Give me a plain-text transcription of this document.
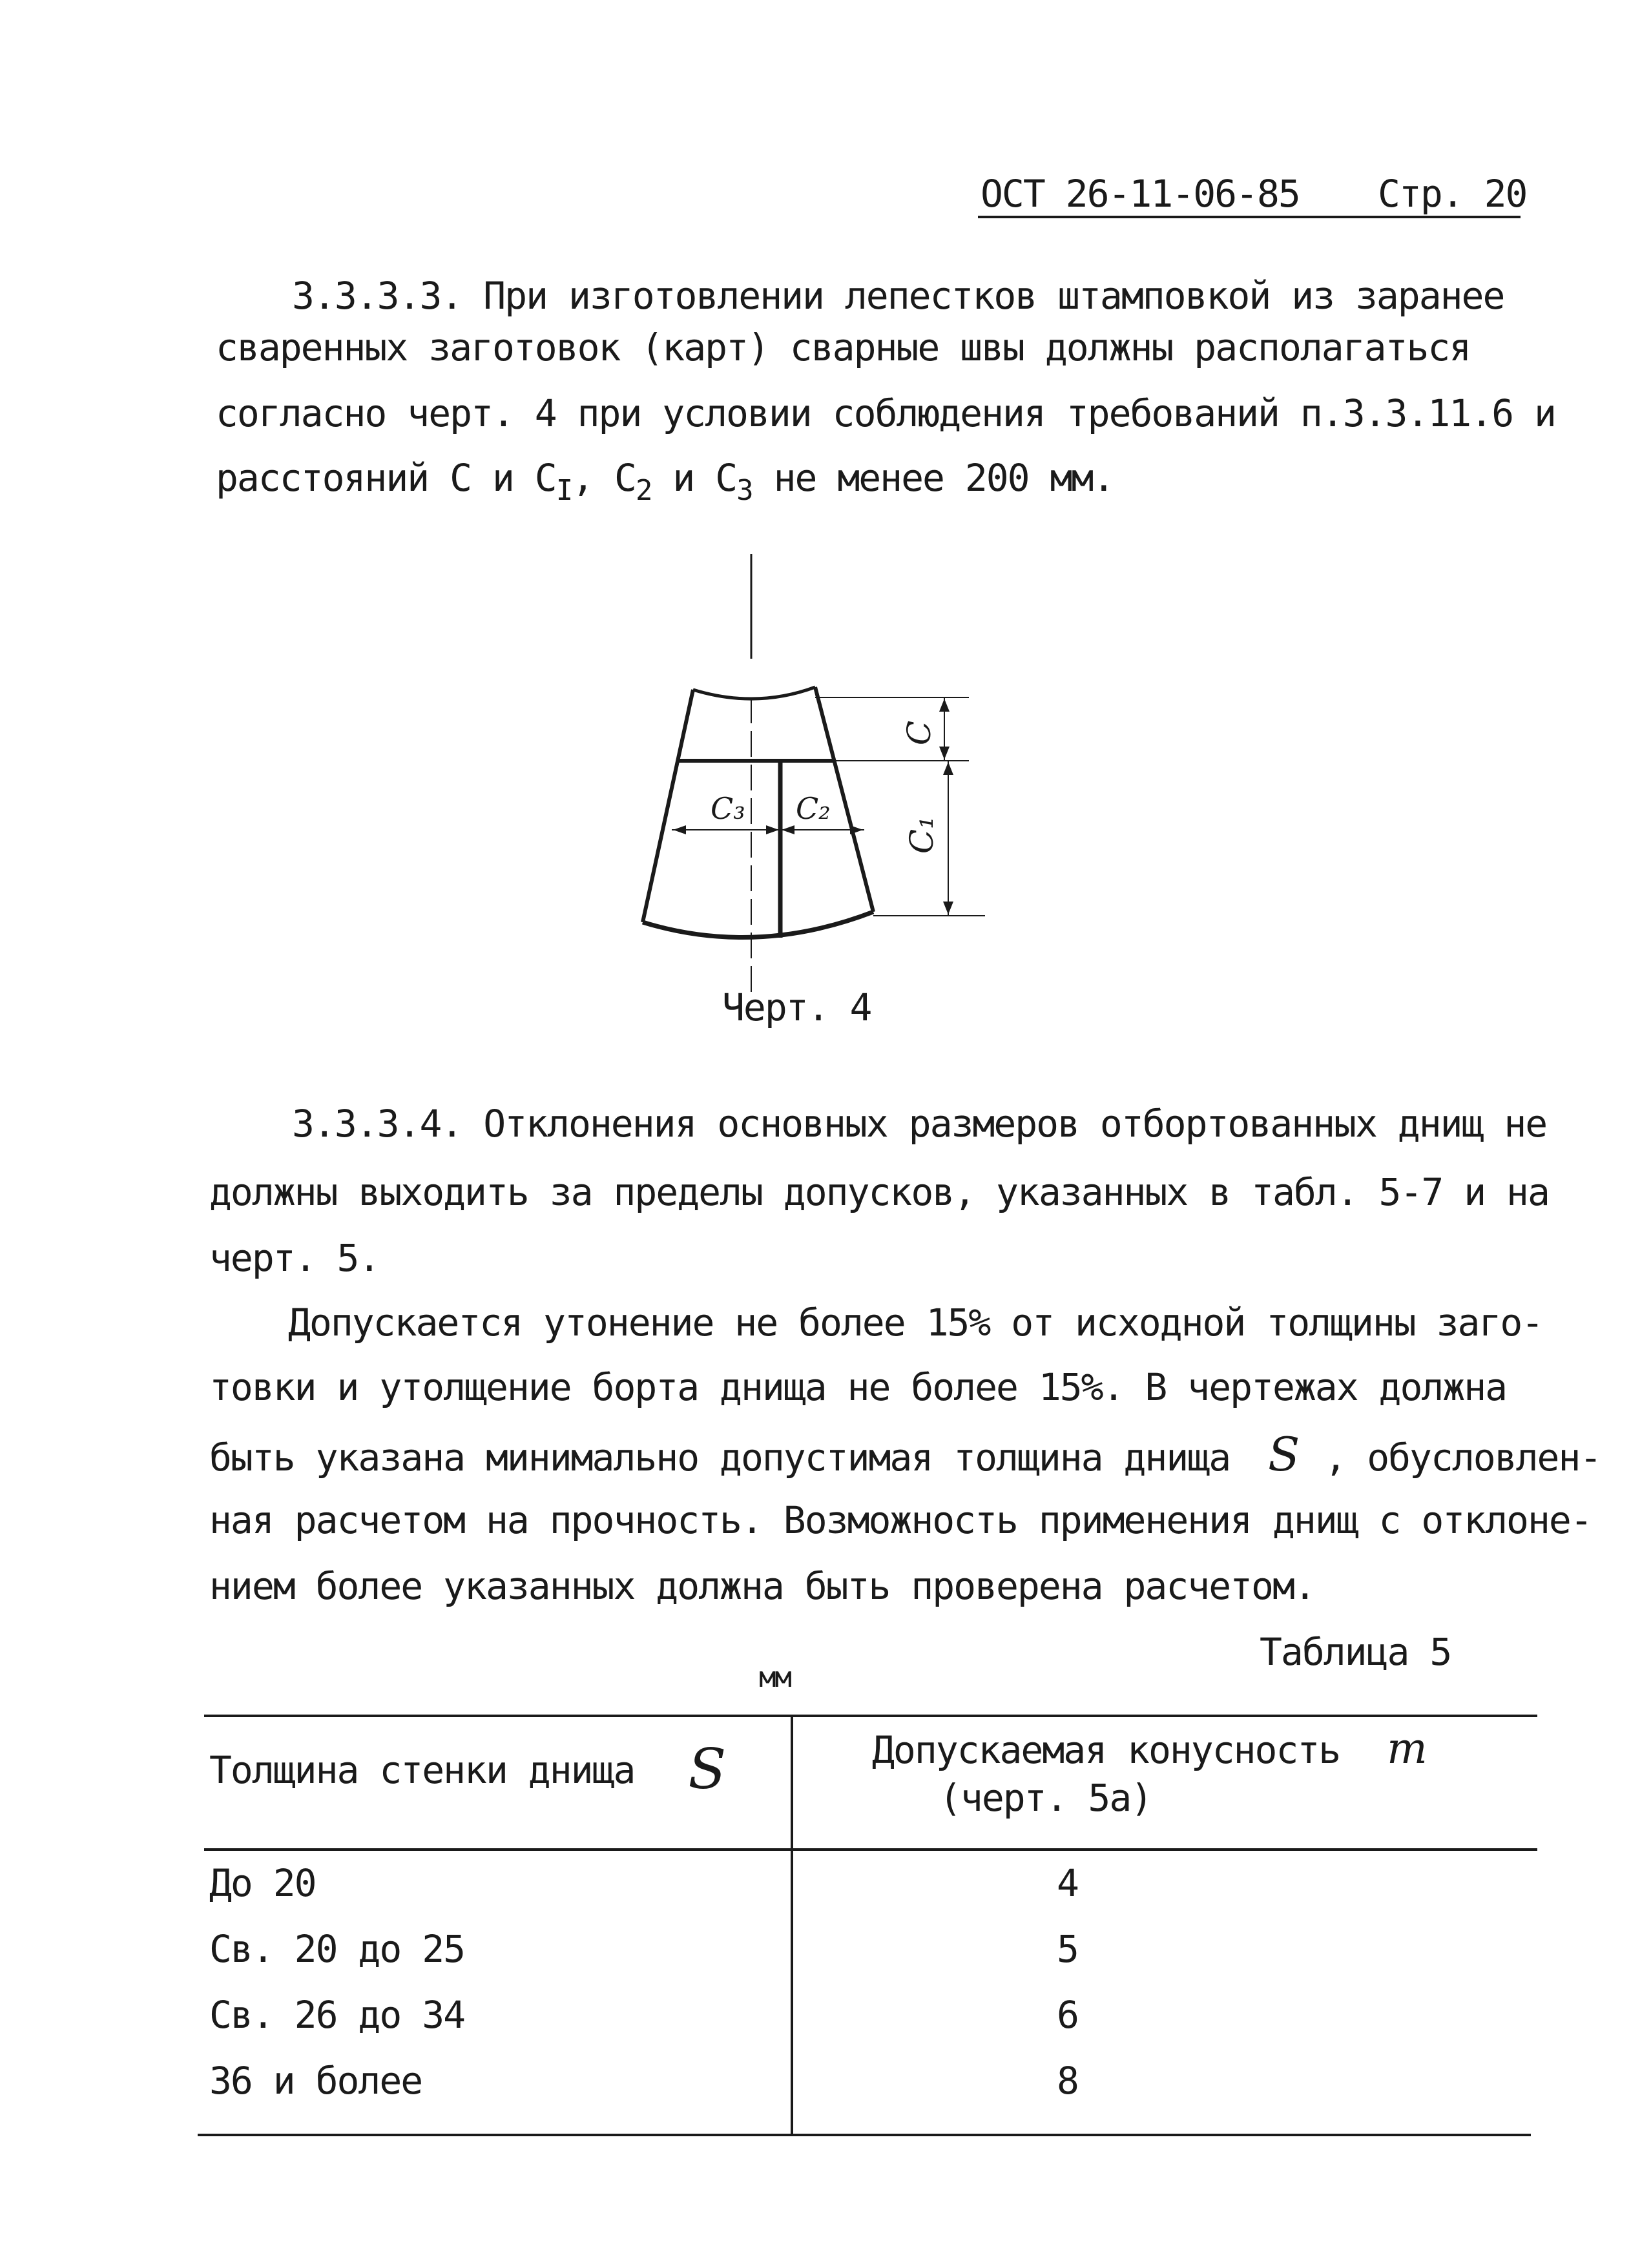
ОСТ 26-11-06-85 Стр. 20
3.3.3.3. При изготовлении лепестков штамповкой из заранее
сваренных заготовок (карт) сварные швы должны располагаться
согласно черт. 4 при условии соблюдения требований п.3.3.11.6 и
расстояний С и $С_I$, $С_2$ и $С_3$ не менее 200 мм.
C
C₁
C₃ C₂
Черт. 4
3.3.3.4. Отклонения основных размеров отбортованных днищ не
должны выходить за пределы допусков, указанных в табл. 5-7 и на
черт. 5.
Допускается утонение не более 15% от исходной толщины заго-
товки и утолщение борта днища не более 15%. В чертежах должна
быть указана минимально допустимая толщина днища S , обусловлен-
ная расчетом на прочность. Возможность применения днищ с отклоне-
нием более указанных должна быть проверена расчетом.
Таблица 5
мм
Толщина стенки днища S	Допускаемая конусность m
(черт. 5а)
До 20	4
Св. 20 до 25	5
Св. 26 до 34	6
36 и более	8
